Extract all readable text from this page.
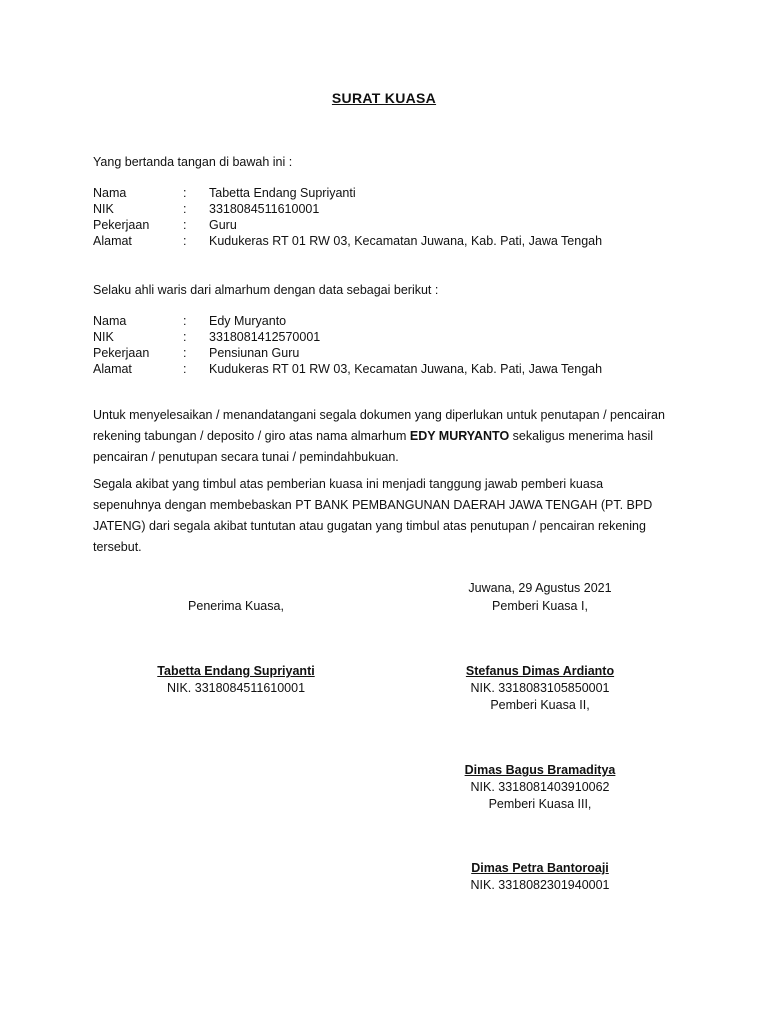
SURAT KUASA
Yang bertanda tangan di bawah ini :
Nama	:	Tabetta Endang Supriyanti
NIK	:	3318084511610001
Pekerjaan	:	Guru
Alamat	:	Kudukeras RT 01 RW 03, Kecamatan Juwana, Kab. Pati, Jawa Tengah
Selaku ahli waris dari almarhum dengan data sebagai berikut :
Nama	:	Edy Muryanto
NIK	:	3318081412570001
Pekerjaan	:	Pensiunan Guru
Alamat	:	Kudukeras RT 01 RW 03, Kecamatan Juwana, Kab. Pati, Jawa Tengah
Untuk menyelesaikan / menandatangani segala dokumen yang diperlukan untuk penutapan / pencairan rekening tabungan / deposito / giro atas nama almarhum EDY MURYANTO sekaligus menerima hasil pencairan / penutupan secara tunai / pemindahbukuan.
Segala akibat yang timbul atas pemberian kuasa ini menjadi tanggung jawab pemberi kuasa sepenuhnya dengan membebaskan PT BANK PEMBANGUNAN DAERAH JAWA TENGAH (PT. BPD JATENG) dari segala akibat tuntutan atau gugatan yang timbul atas penutupan / pencairan rekening tersebut.
Juwana, 29 Agustus 2021
Penerima Kuasa,	Pemberi Kuasa I,
Tabetta Endang Supriyanti
NIK. 3318084511610001
Stefanus Dimas Ardianto
NIK. 3318083105850001
Pemberi Kuasa II,
Dimas Bagus Bramaditya
NIK. 3318081403910062
Pemberi Kuasa III,
Dimas Petra Bantoroaji
NIK. 3318082301940001
